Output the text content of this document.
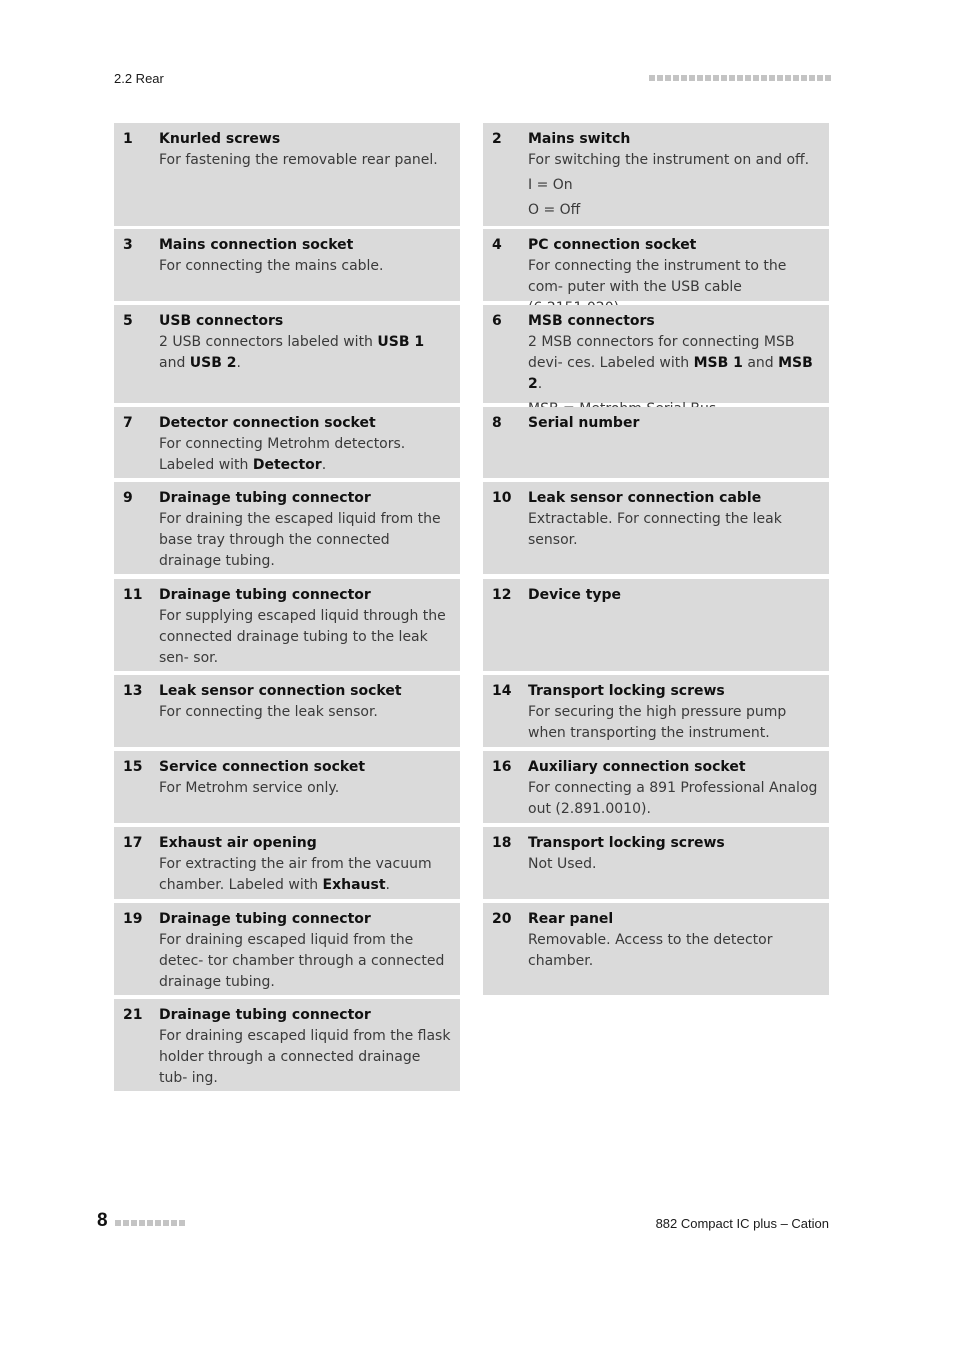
2.2 Rear
1 Knurled screws
For fastening the removable rear panel.
2 Mains switch
For switching the instrument on and off.
I = On
O = Off
3 Mains connection socket
For connecting the mains cable.
4 PC connection socket
For connecting the instrument to the com- puter with the USB cable
5 USB connectors
2 USB connectors labeled with USB 1 and USB 2.
6 MSB connectors
2 MSB connectors for connecting MSB devi- ces. Labeled with MSB 1 and MSB 2.
7 Detector connection socket
For connecting Metrohm detectors. Labeled with Detector.
8 Serial number
9 Drainage tubing connector
For draining the escaped liquid from the base tray through the connected drainage tubing.
10 Leak sensor connection cable
Extractable. For connecting the leak sensor.
11 Drainage tubing connector
For supplying escaped liquid through the connected drainage tubing to the leak sen- sor.
12 Device type
13 Leak sensor connection socket
For connecting the leak sensor.
14 Transport locking screws
For securing the high pressure pump when transporting the instrument.
15 Service connection socket
For Metrohm service only.
16 Auxiliary connection socket
For connecting a 891 Professional Analog out (2.891.0010).
17 Exhaust air opening
For extracting the air from the vacuum chamber. Labeled with Exhaust.
18 Transport locking screws
Not Used.
19 Drainage tubing connector
For draining escaped liquid from the detec- tor chamber through a connected drainage tubing.
20 Rear panel
Removable. Access to the detector chamber.
21 Drainage tubing connector
For draining escaped liquid from the flask holder through a connected drainage tub- ing.
8	882 Compact IC plus – Cation
